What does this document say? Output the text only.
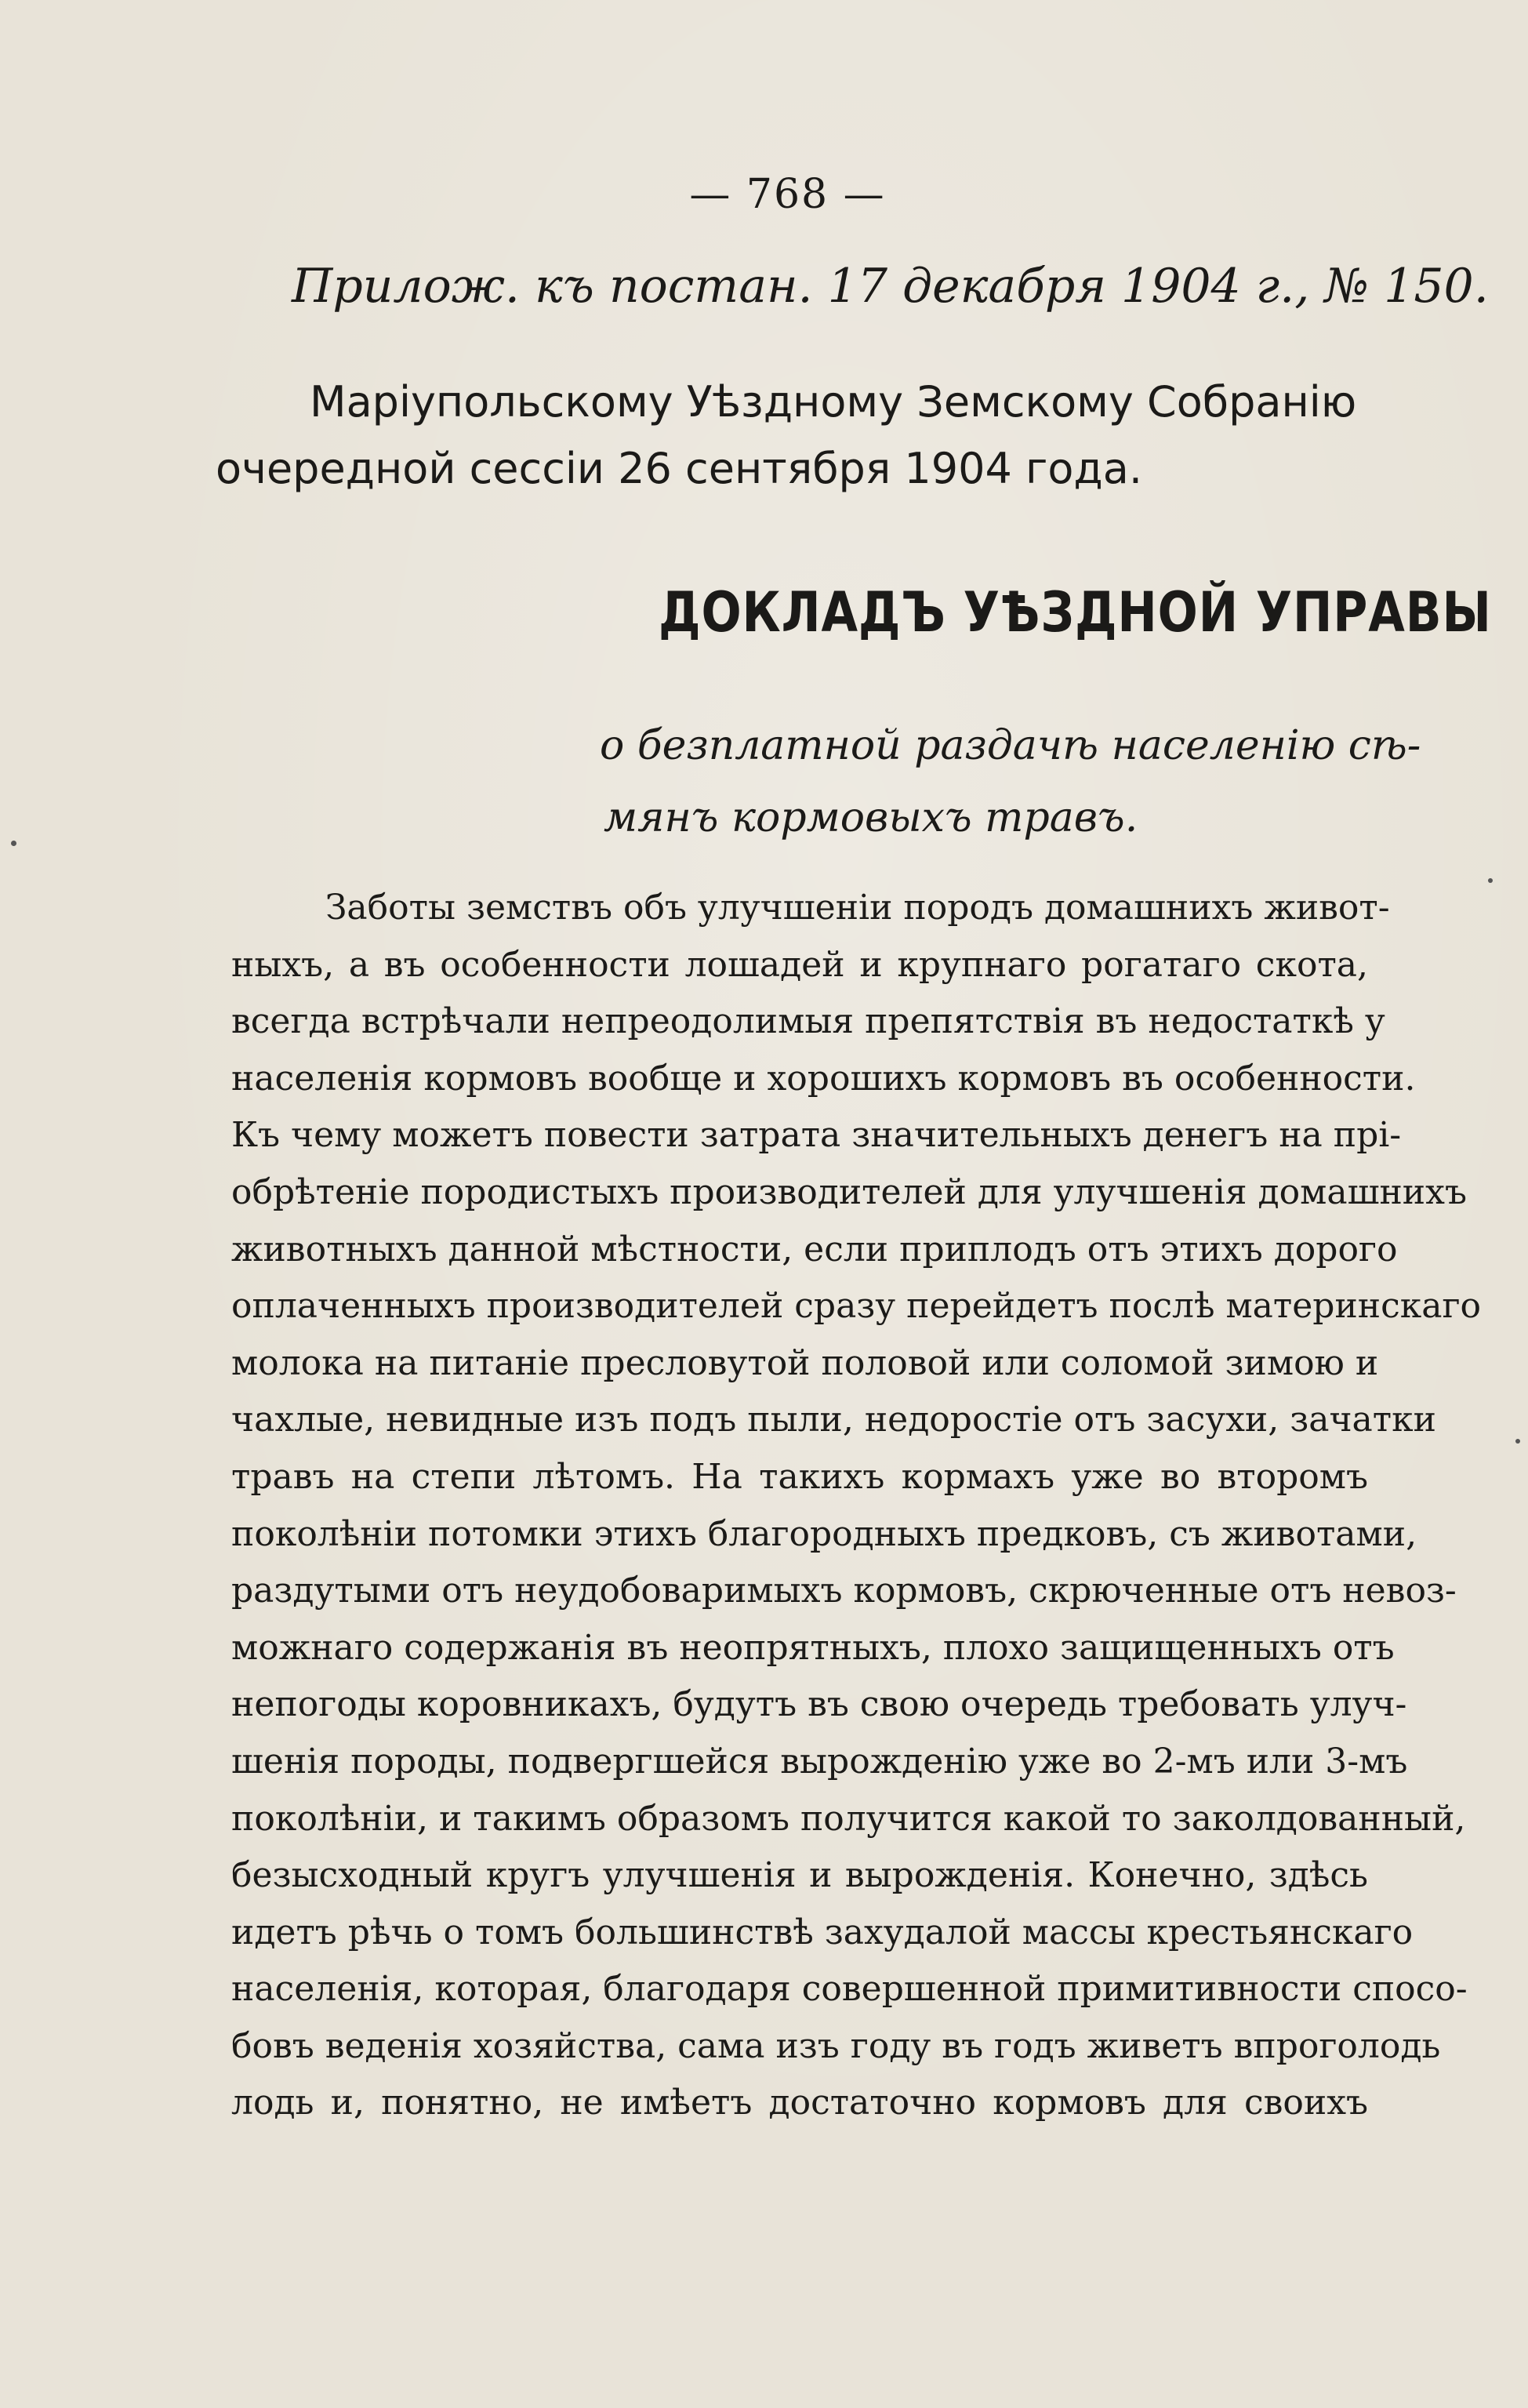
— 768 —
Прилож. къ постан. 17 декабря 1904 г., № 150.
Маріупольскому Уѣздному Земскому Собранію
очередной сессіи 26 сентября 1904 года.
ДОКЛАДЪ УѢЗДНОЙ УПРАВЫ
о безплатной раздачѣ населенію сѣ-
мянъ кормовыхъ травъ.
Заботы земствъ объ улучшеніи породъ домашнихъ живот-
ныхъ, а въ особенности лошадей и крупнаго рогатаго скота,
всегда встрѣчали непреодолимыя препятствія въ недостаткѣ у
населенія кормовъ вообще и хорошихъ кормовъ въ особенности.
Къ чему можетъ повести затрата значительныхъ денегъ на прі-
обрѣтеніе породистыхъ производителей для улучшенія домашнихъ
животныхъ данной мѣстности, если приплодъ отъ этихъ дорого
оплаченныхъ производителей сразу перейдетъ послѣ материнскаго
молока на питаніе пресловутой половой или соломой зимою и
чахлые, невидные изъ подъ пыли, недоростіе отъ засухи, зачатки
травъ на степи лѣтомъ. На такихъ кормахъ уже во второмъ
поколѣніи потомки этихъ благородныхъ предковъ, съ животами,
раздутыми отъ неудобоваримыхъ кормовъ, скрюченные отъ невоз-
можнаго содержанія въ неопрятныхъ, плохо защищенныхъ отъ
непогоды коровникахъ, будутъ въ свою очередь требовать улуч-
шенія породы, подвергшейся вырожденію уже во 2-мъ или 3-мъ
поколѣніи, и такимъ образомъ получится какой то заколдованный,
безысходный кругъ улучшенія и вырожденія. Конечно, здѣсь
идетъ рѣчь о томъ большинствѣ захудалой массы крестьянскаго
населенія, которая, благодаря совершенной примитивности спосо-
бовъ веденія хозяйства, сама изъ году въ годъ живетъ впроголодь
лодь и, понятно, не имѣетъ достаточно кормовъ для своихъ
